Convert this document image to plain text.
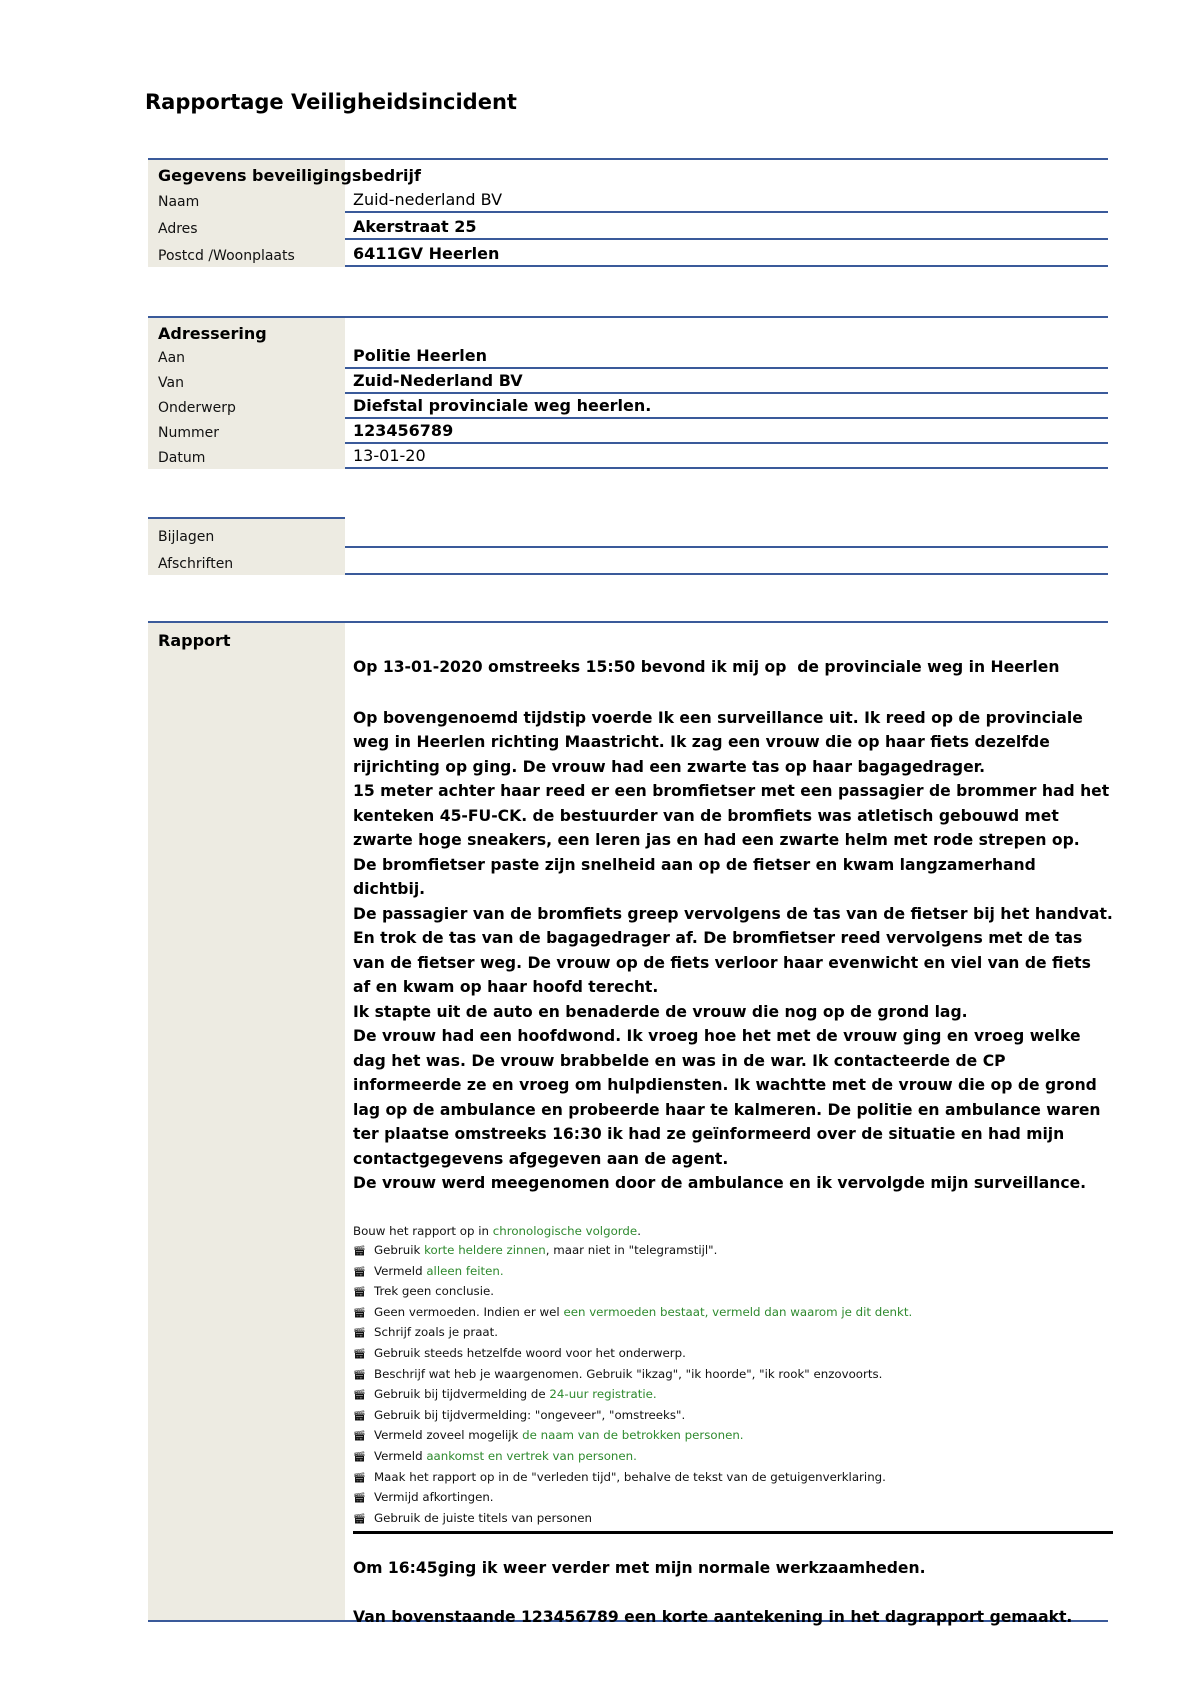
Rapportage Veiligheidsincident
Gegevens beveiligingsbedrijf
Naam	Zuid-nederland BV
Adres	Akerstraat 25
Postcd /Woonplaats	6411GV Heerlen
Adressering
Aan	Politie Heerlen
Van	Zuid-Nederland BV
Onderwerp	Diefstal provinciale weg heerlen.
Nummer	123456789
Datum	13-01-20
Bijlagen
Afschriften
Rapport

Op 13-01-2020 omstreeks 15:50 bevond ik mij op  de provinciale weg in Heerlen

Op bovengenoemd tijdstip voerde Ik een surveillance uit. Ik reed op de provinciale weg in Heerlen richting Maastricht. Ik zag een vrouw die op haar fiets dezelfde rijrichting op ging. De vrouw had een zwarte tas op haar bagagedrager.
15 meter achter haar reed er een bromfietser met een passagier de brommer had het kenteken 45-FU-CK. de bestuurder van de bromfiets was atletisch gebouwd met  zwarte hoge sneakers, een leren jas en had een zwarte helm met rode strepen op.
De bromfietser paste zijn snelheid aan op de fietser en kwam langzamerhand dichtbij.
De passagier van de bromfiets greep vervolgens de tas van de fietser bij het handvat. En trok de tas van de bagagedrager af. De bromfietser reed vervolgens met de tas van de fietser weg. De vrouw op de fiets verloor haar evenwicht en viel van de fiets af en kwam op haar hoofd terecht.
Ik stapte uit de auto en benaderde de vrouw die nog op de grond lag.
De vrouw had een hoofdwond. Ik vroeg hoe het met de vrouw ging en vroeg welke dag het was. De vrouw brabbelde en was in de war. Ik contacteerde de CP informeerde ze en vroeg om hulpdiensten. Ik wachtte met de vrouw die op de grond lag op de ambulance en probeerde haar te kalmeren. De politie en ambulance waren ter plaatse omstreeks 16:30 ik had ze geïnformeerd over de situatie en had mijn contactgegevens afgegeven aan de agent.
De vrouw werd meegenomen door de ambulance en ik vervolgde mijn surveillance.

Bouw het rapport op in chronologische volgorde.
🎬︎ Gebruik korte heldere zinnen, maar niet in "telegramstijl".
🎬︎ Vermeld alleen feiten.
🎬︎ Trek geen conclusie.
🎬︎ Geen vermoeden. Indien er wel een vermoeden bestaat, vermeld dan waarom je dit denkt.
🎬︎ Schrijf zoals je praat.
🎬︎ Gebruik steeds hetzelfde woord voor het onderwerp.
🎬︎ Beschrijf wat heb je waargenomen. Gebruik "ikzag", "ik hoorde", "ik rook" enzovoorts.
🎬︎ Gebruik bij tijdvermelding de 24-uur registratie.
🎬︎ Gebruik bij tijdvermelding: "ongeveer", "omstreeks".
🎬︎ Vermeld zoveel mogelijk de naam van de betrokken personen.
🎬︎ Vermeld aankomst en vertrek van personen.
🎬︎ Maak het rapport op in de "verleden tijd", behalve de tekst van de getuigenverklaring.
🎬︎ Vermijd afkortingen.
🎬︎ Gebruik de juiste titels van personen

Om 16:45ging ik weer verder met mijn normale werkzaamheden.

Van bovenstaande 123456789 een korte aantekening in het dagrapport gemaakt.
